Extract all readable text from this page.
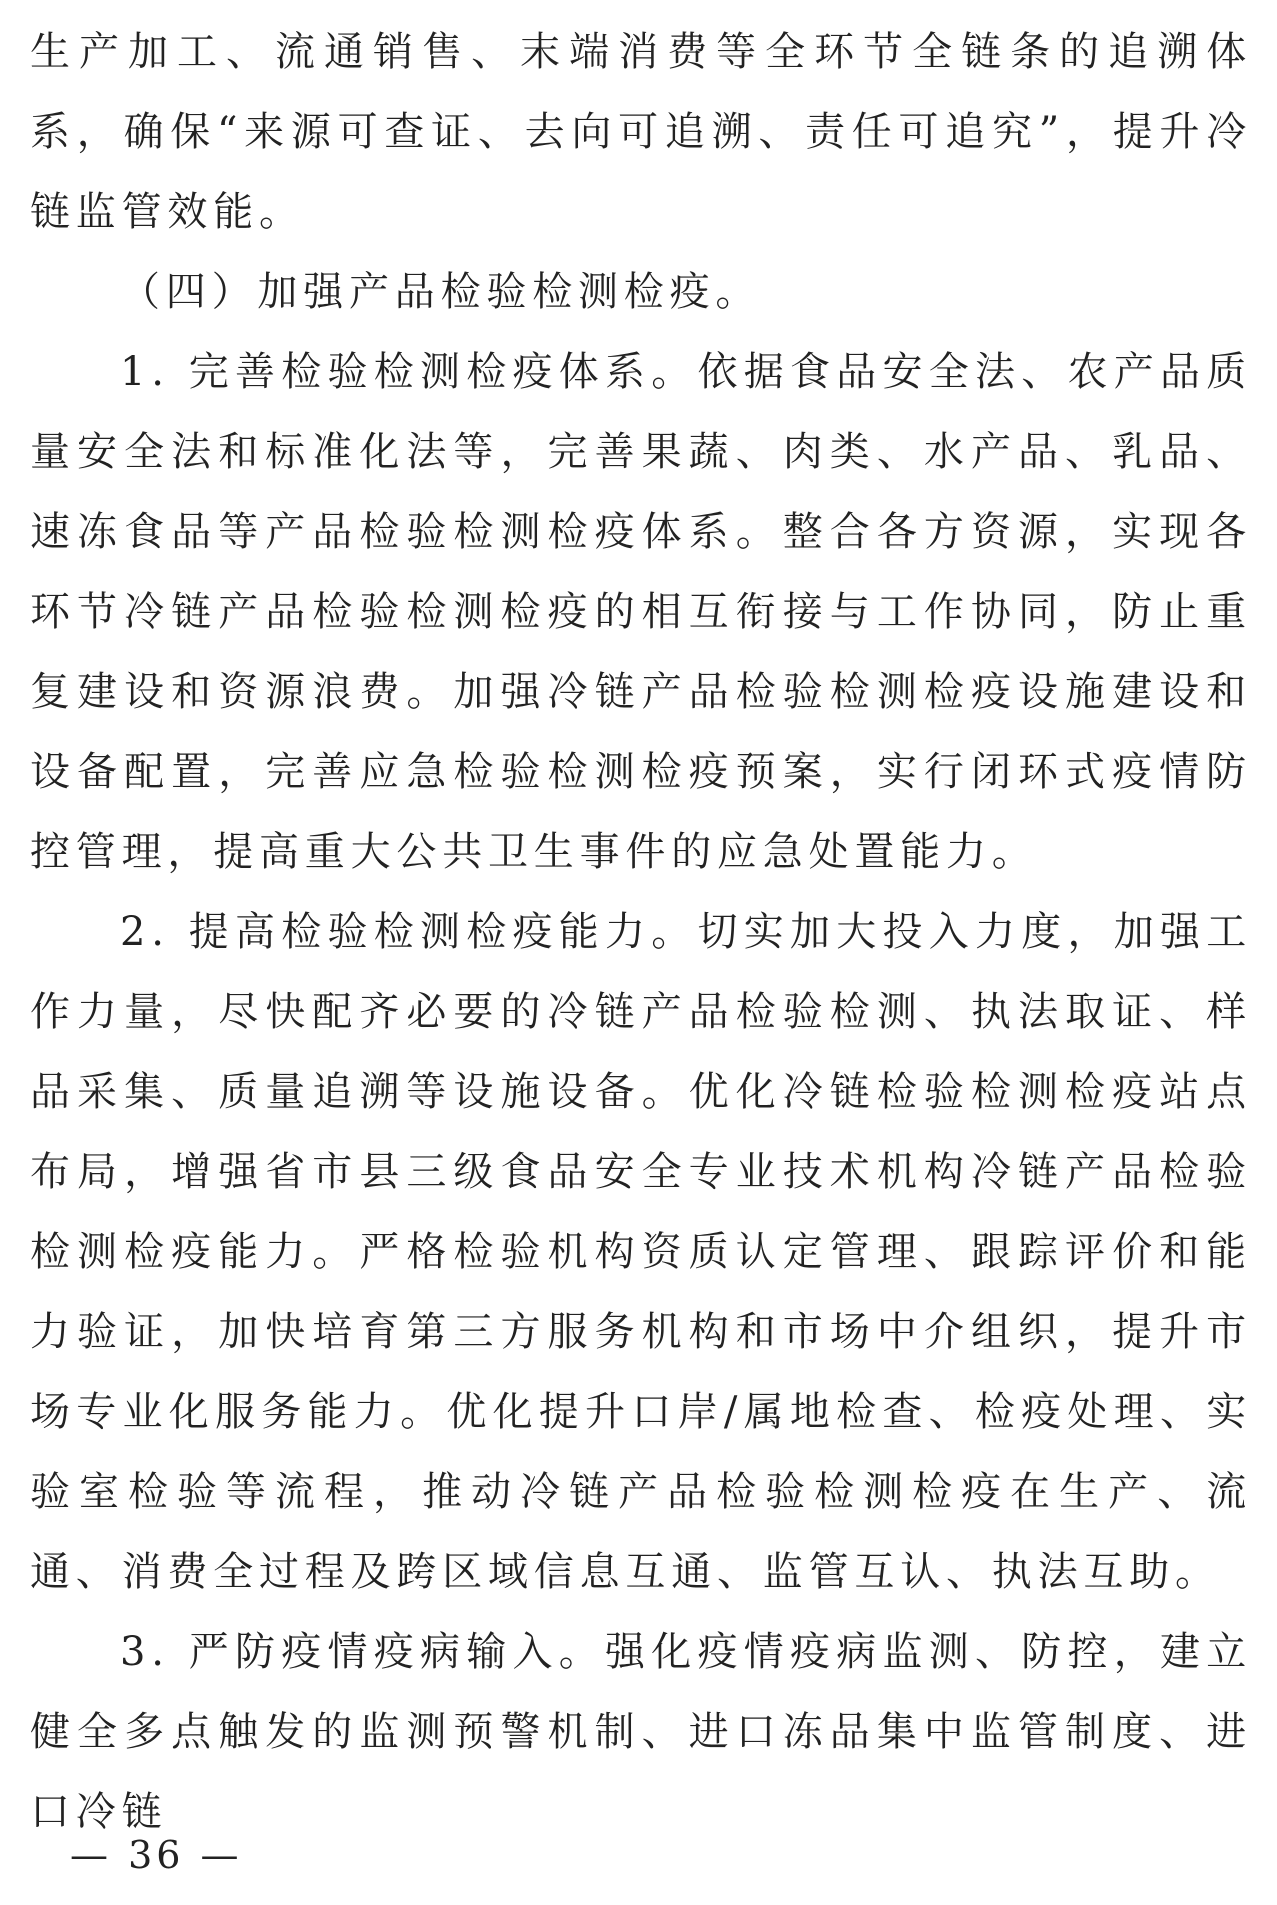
生产加工、流通销售、末端消费等全环节全链条的追溯体系，确保“来源可查证、去向可追溯、责任可追究”，提升冷链监管效能。

（四）加强产品检验检测检疫。

1. 完善检验检测检疫体系。依据食品安全法、农产品质量安全法和标准化法等，完善果蔬、肉类、水产品、乳品、速冻食品等产品检验检测检疫体系。整合各方资源，实现各环节冷链产品检验检测检疫的相互衔接与工作协同，防止重复建设和资源浪费。加强冷链产品检验检测检疫设施建设和设备配置，完善应急检验检测检疫预案，实行闭环式疫情防控管理，提高重大公共卫生事件的应急处置能力。

2. 提高检验检测检疫能力。切实加大投入力度，加强工作力量，尽快配齐必要的冷链产品检验检测、执法取证、样品采集、质量追溯等设施设备。优化冷链检验检测检疫站点布局，增强省市县三级食品安全专业技术机构冷链产品检验检测检疫能力。严格检验机构资质认定管理、跟踪评价和能力验证，加快培育第三方服务机构和市场中介组织，提升市场专业化服务能力。优化提升口岸/属地检查、检疫处理、实验室检验等流程，推动冷链产品检验检测检疫在生产、流通、消费全过程及跨区域信息互通、监管互认、执法互助。

3. 严防疫情疫病输入。强化疫情疫病监测、防控，建立健全多点触发的监测预警机制、进口冻品集中监管制度、进口冷链

— 36 —
